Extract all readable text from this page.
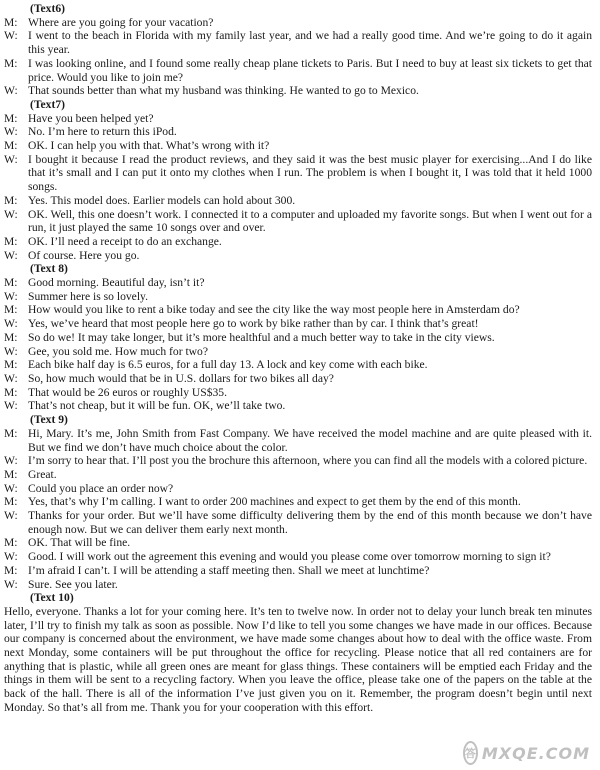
(Text6)
M: Where are you going for your vacation?
W: I went to the beach in Florida with my family last year, and we had a really good time. And we’re going to do it again this year.
M: I was looking online, and I found some really cheap plane tickets to Paris. But I need to buy at least six tickets to get that price. Would you like to join me?
W: That sounds better than what my husband was thinking. He wanted to go to Mexico.
(Text7)
M: Have you been helped yet?
W: No. I’m here to return this iPod.
M: OK. I can help you with that. What’s wrong with it?
W: I bought it because I read the product reviews, and they said it was the best music player for exercising...And I do like that it’s small and I can put it onto my clothes when I run. The problem is when I bought it, I was told that it held 1000 songs.
M: Yes. This model does. Earlier models can hold about 300.
W: OK. Well, this one doesn’t work. I connected it to a computer and uploaded my favorite songs. But when I went out for a run, it just played the same 10 songs over and over.
M: OK. I’ll need a receipt to do an exchange.
W: Of course. Here you go.
(Text 8)
M: Good morning. Beautiful day, isn’t it?
W: Summer here is so lovely.
M: How would you like to rent a bike today and see the city like the way most people here in Amsterdam do?
W: Yes, we’ve heard that most people here go to work by bike rather than by car. I think that’s great!
M: So do we! It may take longer, but it’s more healthful and a much better way to take in the city views.
W: Gee, you sold me. How much for two?
M: Each bike half day is 6.5 euros, for a full day 13. A lock and key come with each bike.
W: So, how much would that be in U.S. dollars for two bikes all day?
M: That would be 26 euros or roughly US$35.
W: That’s not cheap, but it will be fun. OK, we’ll take two.
(Text 9)
M: Hi, Mary. It’s me, John Smith from Fast Company. We have received the model machine and are quite pleased with it. But we find we don’t have much choice about the color.
W: I’m sorry to hear that. I’ll post you the brochure this afternoon, where you can find all the models with a colored picture.
M: Great.
W: Could you place an order now?
M: Yes, that’s why I’m calling. I want to order 200 machines and expect to get them by the end of this month.
W: Thanks for your order. But we’ll have some difficulty delivering them by the end of this month because we don’t have enough now. But we can deliver them early next month.
M: OK. That will be fine.
W: Good. I will work out the agreement this evening and would you please come over tomorrow morning to sign it?
M: I’m afraid I can’t. I will be attending a staff meeting then. Shall we meet at lunchtime?
W: Sure. See you later.
(Text 10)
Hello, everyone. Thanks a lot for your coming here. It’s ten to twelve now. In order not to delay your lunch break ten minutes later, I’ll try to finish my talk as soon as possible. Now I’d like to tell you some changes we have made in our offices. Because our company is concerned about the environment, we have made some changes about how to deal with the office waste. From next Monday, some containers will be put throughout the office for recycling. Please notice that all red containers are for anything that is plastic, while all green ones are meant for glass things. These containers will be emptied each Friday and the things in them will be sent to a recycling factory. When you leave the office, please take one of the papers on the table at the back of the hall. There is all of the information I’ve just given you on it. Remember, the program doesn’t begin until next Monday. So that’s all from me. Thank you for your cooperation with this effort.
答 MXQE.COM
